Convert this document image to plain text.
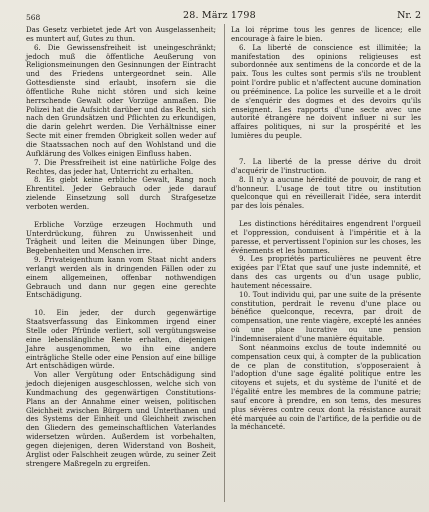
28. März 1798	Nr. 2
568

Das Gesetz verbietet jede Art von Ausgelassenheit; es muntert auf, Gutes zu thun.

6. Die Gewissensfreiheit ist uneingeschränkt; jedoch muß die öffentliche Aeußerung von Religionsmeinungen den Gesinnungen der Eintracht und des Friedens untergeordnet sein. Alle Gottesdienste sind erlaubt, insofern sie die öffentliche Ruhe nicht stören und sich keine herrschende Gewalt oder Vorzüge anmaßen. Die Polizei hat die Aufsicht darüber und das Recht, sich nach den Grundsätzen und Pflichten zu erkundigen, die darin gelehrt werden. Die Verhältnisse einer Secte mit einer fremden Obrigkeit sollen weder auf die Staatssachen noch auf den Wohlstand und die Aufklärung des Volkes einigen Einfluss haben.

7. Die Pressfreiheit ist eine natürliche Folge des Rechtes, das jeder hat, Unterricht zu erhalten.

8. Es giebt keine erbliche Gewalt, Rang noch Ehrentitel. Jeder Gebrauch oder jede darauf zielende Einsetzung soll durch Strafgesetze verboten werden.

Erbliche Vorzüge erzeugen Hochmuth und Unterdrückung, führen zu Unwissenheit und Trägheit und leiten die Meinungen über Dinge, Begebenheiten und Menschen irre.

9. Privateigenthum kann vom Staat nicht anders verlangt werden als in dringenden Fällen oder zu einem allgemeinen, offenbar nothwendigen Gebrauch und dann nur gegen eine gerechte Entschädigung.

10. Ein jeder, der durch gegenwärtige Staatsverfassung das Einkommen irgend einer Stelle oder Pfründe verliert, soll vergütungsweise eine lebenslängliche Rente erhalten, diejenigen Jahre ausgenommen, wo ihn eine andere einträgliche Stelle oder eine Pension auf eine billige Art entschädigen würde.

Von aller Vergütung oder Entschädigung sind jedoch diejenigen ausgeschlossen, welche sich von Kundmachung des gegenwärtigen Constitutions-Plans an der Annahme einer weisen, politischen Gleichheit zwischen Bürgern und Unterthanen und des Systems der Einheit und Gleichheit zwischen den Gliedern des gemeinschaftlichen Vaterlandes widersetzen würden. Außerdem ist vorbehalten, gegen diejenigen, deren Widerstand von Bosheit, Arglist oder Falschheit zeugen würde, zu seiner Zeit strengere Maßregeln zu ergreifen.

La loi réprime tous les genres de licence; elle encourage à faire le bien.

6. La liberté de conscience est illimitée; la manifestation des opinions religieuses est subordonnée aux sentimens de la concorde et de la paix. Tous les cultes sont permis s'ils ne troublent point l'ordre public et n'affectent aucune domination ou prééminence. La police les surveille et a le droit de s'enquérir des dogmes et des devoirs qu'ils enseignent. Les rapports d'une secte avec une autorité étrangère ne doivent influer ni sur les affaires politiques, ni sur la prospérité et les lumières du peuple.

7. La liberté de la presse dérive du droit d'acquérir de l'instruction.

8. Il n'y a aucune hérédité de pouvoir, de rang et d'honneur. L'usage de tout titre ou institution quelconque qui en réveillerait l'idée, sera interdit par des lois pénales.

Les distinctions héréditaires engendrent l'orgueil et l'oppression, conduisent à l'impéritie et à la paresse, et pervertissent l'opinion sur les choses, les événements et les hommes.

9. Les propriétés particulières ne peuvent être exigées par l'Etat que sauf une juste indemnité, et dans des cas urgents ou d'un usage public, hautement nécessaire.

10. Tout individu qui, par une suite de la présente constitution, perdrait le revenu d'une place ou bénéfice quelconque, recevra, par droit de compensation, une rente viagère, excepté les années où une place lucrative ou une pension l'indemniseraient d'une manière équitable.

Sont néanmoins exclus de toute indemnité ou compensation ceux qui, à compter de la publication de ce plan de constitution, s'opposeraient à l'adoption d'une sage égalité politique entre les citoyens et sujets, et du système de l'unité et de l'égalité entre les membres de la commune patrie; sauf encore à prendre, en son tems, des mesures plus sévères contre ceux dont la résistance aurait été marquée au coin de l'artifice, de la perfidie ou de la méchanceté.
